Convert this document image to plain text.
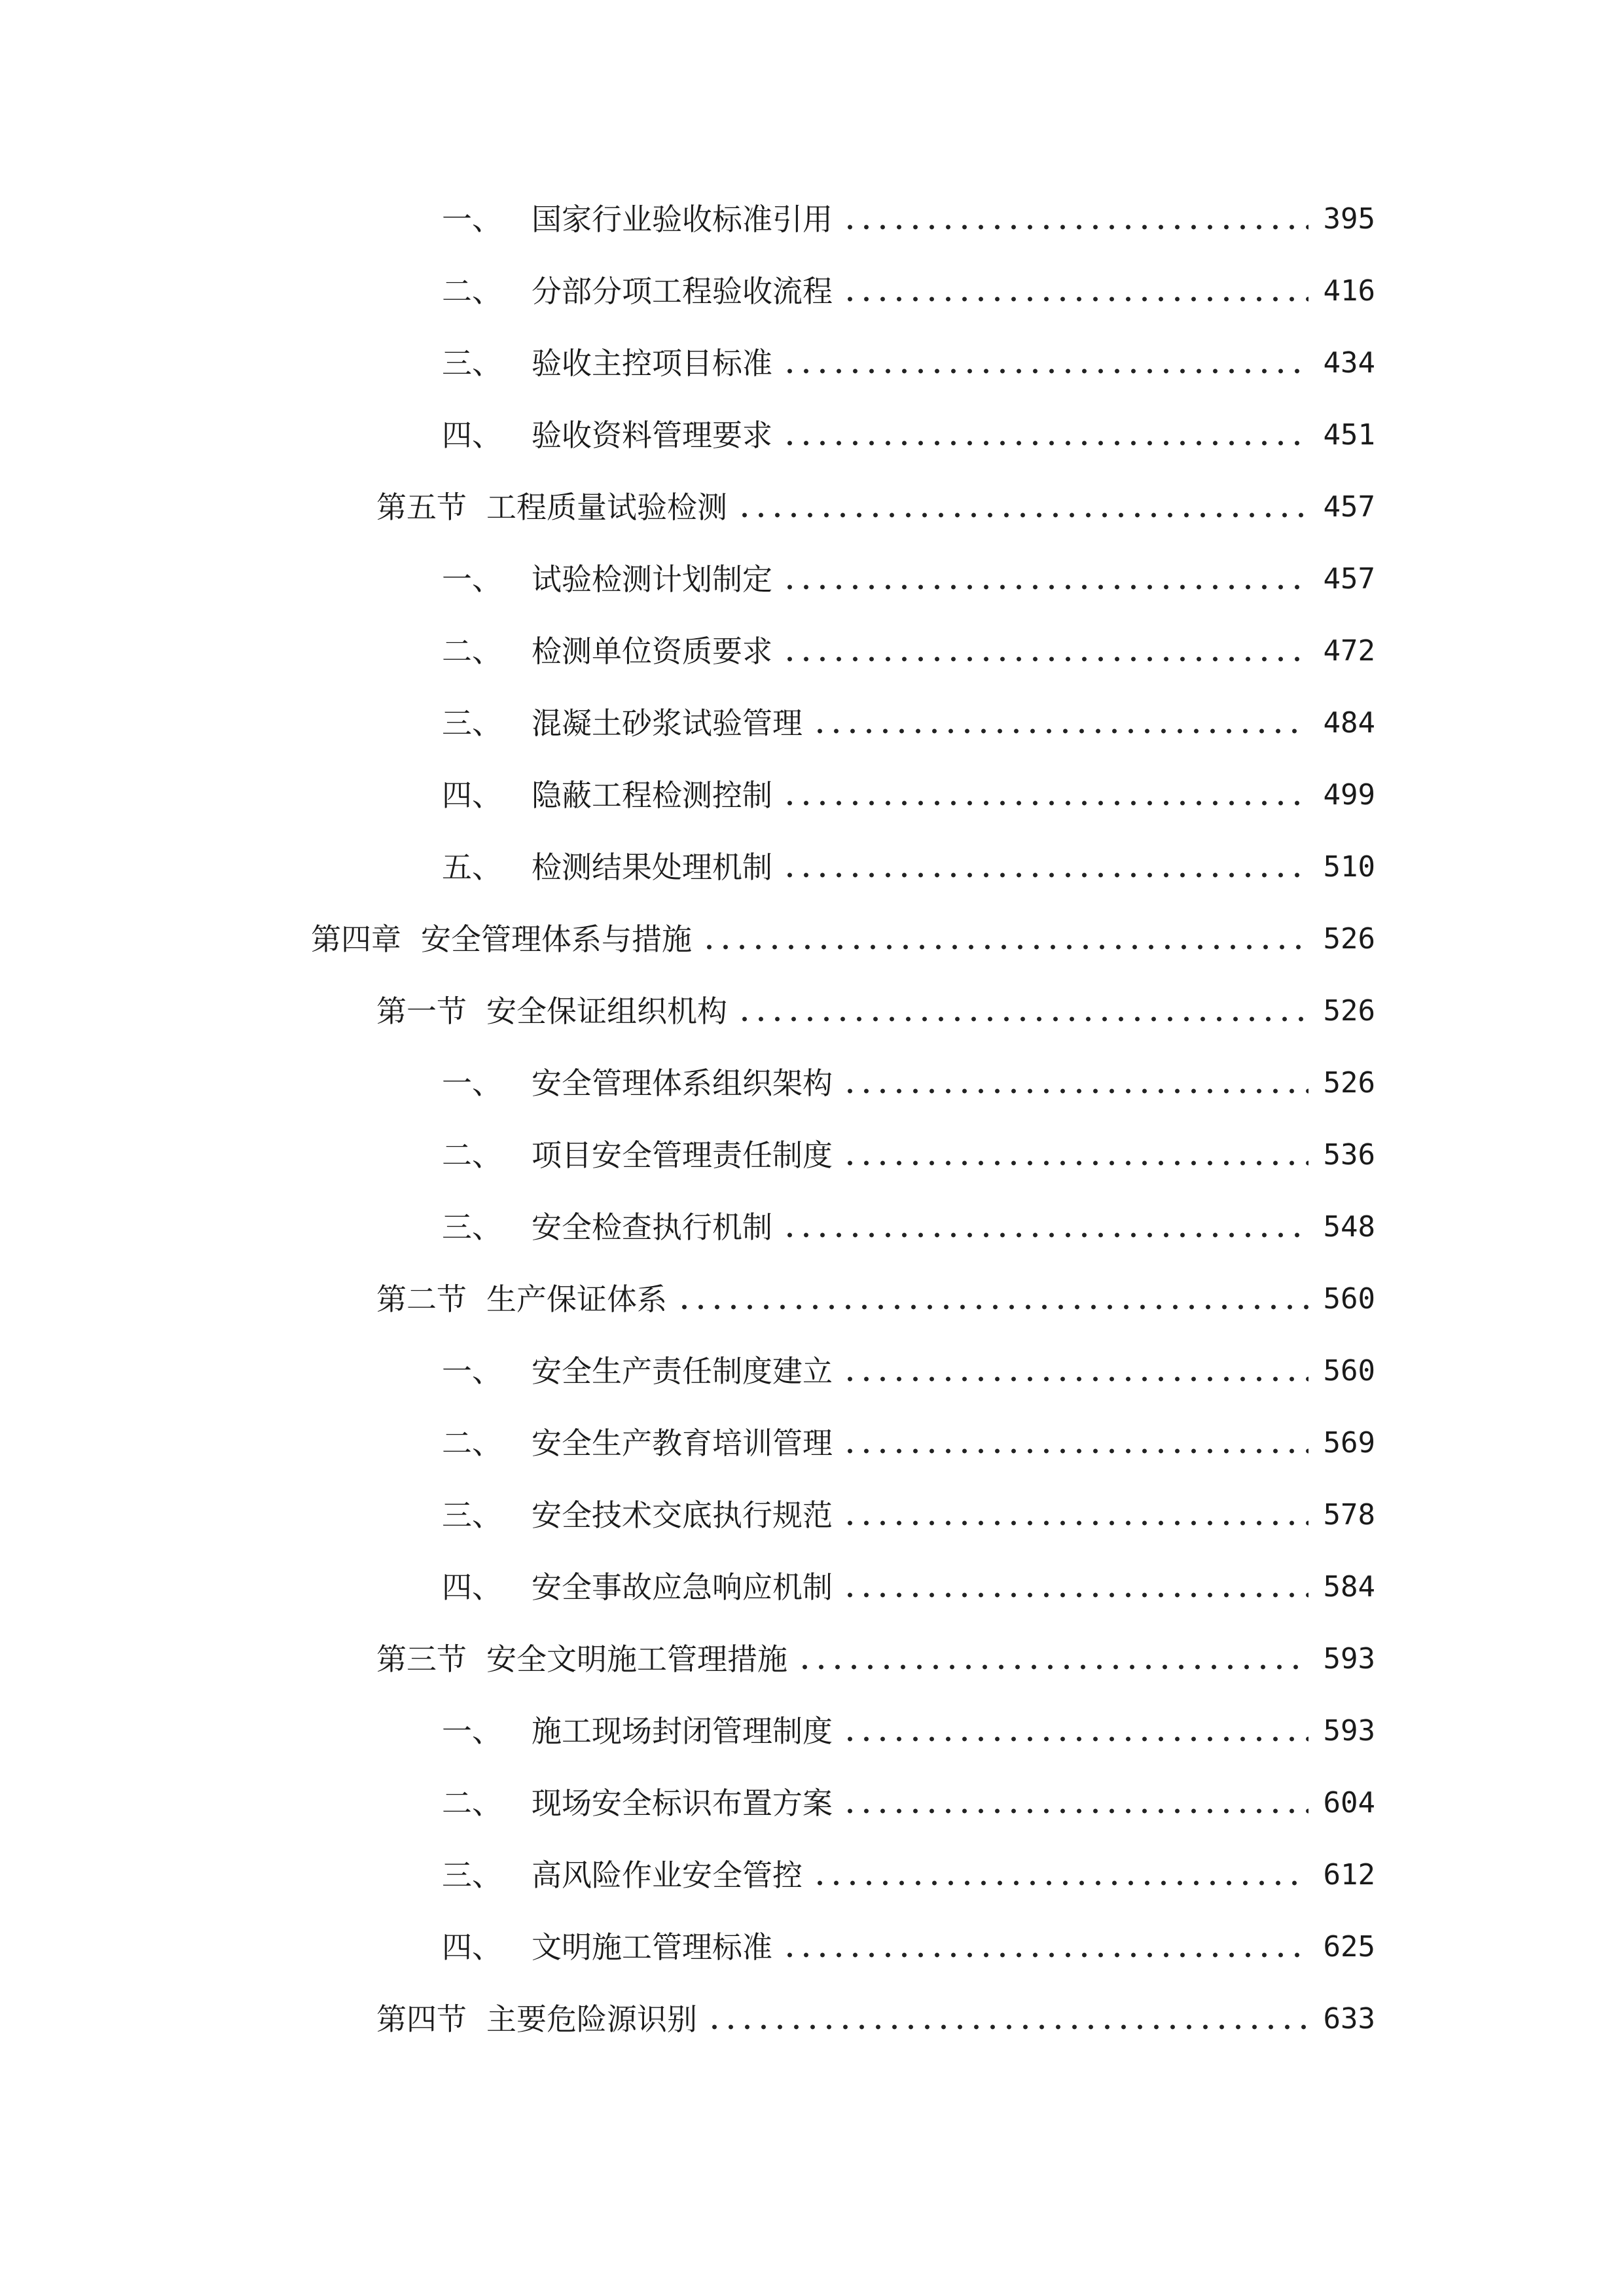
一、 国家行业验收标准引用	395
二、 分部分项工程验收流程	416
三、 验收主控项目标准	434
四、 验收资料管理要求	451
第五节 工程质量试验检测	457
一、 试验检测计划制定	457
二、 检测单位资质要求	472
三、 混凝土砂浆试验管理	484
四、 隐蔽工程检测控制	499
五、 检测结果处理机制	510
第四章 安全管理体系与措施	526
第一节 安全保证组织机构	526
一、 安全管理体系组织架构	526
二、 项目安全管理责任制度	536
三、 安全检查执行机制	548
第二节 生产保证体系	560
一、 安全生产责任制度建立	560
二、 安全生产教育培训管理	569
三、 安全技术交底执行规范	578
四、 安全事故应急响应机制	584
第三节 安全文明施工管理措施	593
一、 施工现场封闭管理制度	593
二、 现场安全标识布置方案	604
三、 高风险作业安全管控	612
四、 文明施工管理标准	625
第四节 主要危险源识别	633
